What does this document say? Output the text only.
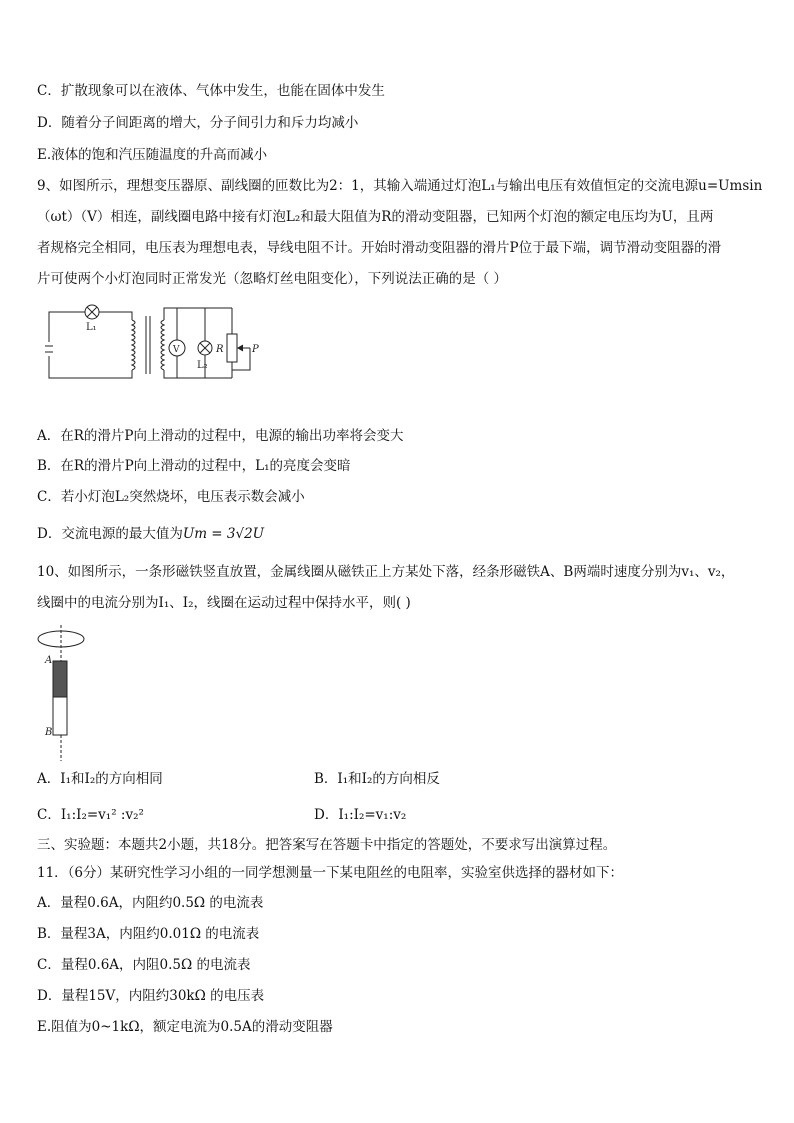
C．扩散现象可以在液体、气体中发生，也能在固体中发生
D．随着分子间距离的增大，分子间引力和斥力均减小
E.液体的饱和汽压随温度的升高而减小
9、如图所示，理想变压器原、副线圈的匝数比为2：1，其输入端通过灯泡L₁与输出电压有效值恒定的交流电源u=Umsin
（ωt）（V）相连，副线圈电路中接有灯泡L₂和最大阻值为R的滑动变阻器，已知两个灯泡的额定电压均为U，且两
者规格完全相同，电压表为理想电表，导线电阻不计。开始时滑动变阻器的滑片P位于最下端，调节滑动变阻器的滑
片可使两个小灯泡同时正常发光（忽略灯丝电阻变化），下列说法正确的是（ ）
L₁
V
L₂
R	P
A．在R的滑片P向上滑动的过程中，电源的输出功率将会变大
B．在R的滑片P向上滑动的过程中，L₁的亮度会变暗
C．若小灯泡L₂突然烧坏，电压表示数会减小
D．交流电源的最大值为Um = 3√2U
10、如图所示，一条形磁铁竖直放置，金属线圈从磁铁正上方某处下落，经条形磁铁A、B两端时速度分别为v₁、v₂，
线圈中的电流分别为I₁、I₂，线圈在运动过程中保持水平，则( )
A
B
A．I₁和I₂的方向相同	B．I₁和I₂的方向相反
C．I₁:I₂=v₁² :v₂²	D．I₁:I₂=v₁:v₂
三、实验题：本题共2小题，共18分。把答案写在答题卡中指定的答题处，不要求写出演算过程。
11．（6分）某研究性学习小组的一同学想测量一下某电阻丝的电阻率，实验室供选择的器材如下：
A．量程0.6A，内阻约0.5Ω 的电流表
B．量程3A，内阻约0.01Ω 的电流表
C．量程0.6A，内阻0.5Ω 的电流表
D．量程15V，内阻约30kΩ 的电压表
E.阻值为0~1kΩ，额定电流为0.5A的滑动变阻器
